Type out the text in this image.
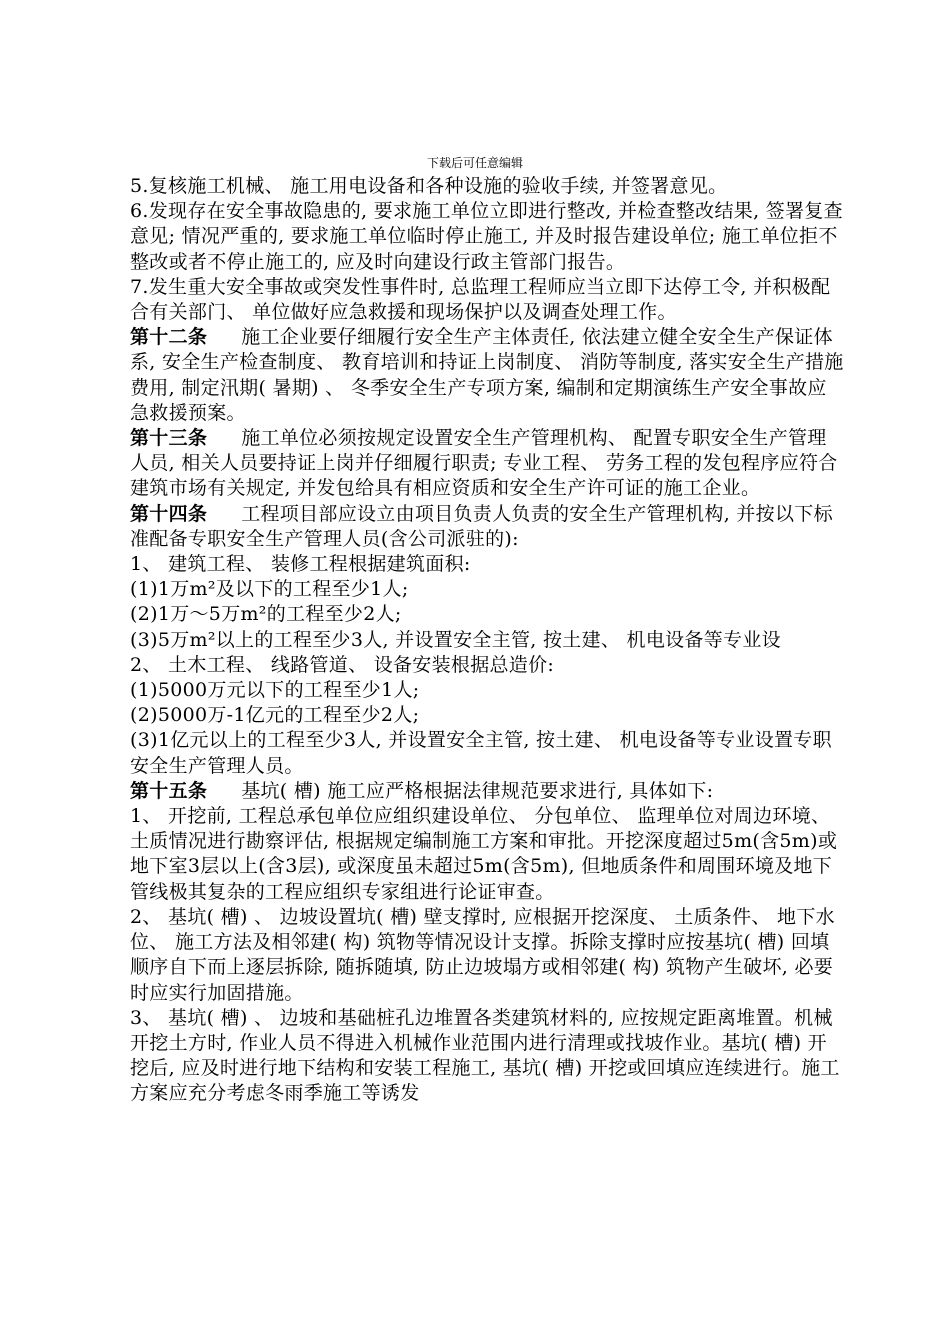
下载后可任意编辑

5.复核施工机械、 施工用电设备和各种设施的验收手续, 并签署意见。

6.发现存在安全事故隐患的, 要求施工单位立即进行整改, 并检查整改结果, 签署复查意见; 情况严重的, 要求施工单位临时停止施工, 并及时报告建设单位; 施工单位拒不整改或者不停止施工的, 应及时向建设行政主管部门报告。

7.发生重大安全事故或突发性事件时, 总监理工程师应当立即下达停工令, 并积极配合有关部门、 单位做好应急救援和现场保护以及调查处理工作。

第十二条 施工企业要仔细履行安全生产主体责任, 依法建立健全安全生产保证体系, 安全生产检查制度、 教育培训和持证上岗制度、 消防等制度, 落实安全生产措施费用, 制定汛期( 暑期) 、 冬季安全生产专项方案, 编制和定期演练生产安全事故应急救援预案。

第十三条 施工单位必须按规定设置安全生产管理机构、 配置专职安全生产管理人员, 相关人员要持证上岗并仔细履行职责; 专业工程、 劳务工程的发包程序应符合建筑市场有关规定, 并发包给具有相应资质和安全生产许可证的施工企业。

第十四条 工程项目部应设立由项目负责人负责的安全生产管理机构, 并按以下标准配备专职安全生产管理人员(含公司派驻的):

1、 建筑工程、 装修工程根据建筑面积:

(1)1万m²及以下的工程至少1人;

(2)1万～5万m²的工程至少2人;

(3)5万m²以上的工程至少3人, 并设置安全主管, 按土建、 机电设备等专业设

2、 土木工程、 线路管道、 设备安装根据总造价:

(1)5000万元以下的工程至少1人;

(2)5000万-1亿元的工程至少2人;

(3)1亿元以上的工程至少3人, 并设置安全主管, 按土建、 机电设备等专业设置专职安全生产管理人员。

第十五条 基坑( 槽) 施工应严格根据法律规范要求进行, 具体如下:

1、 开挖前, 工程总承包单位应组织建设单位、 分包单位、 监理单位对周边环境、 土质情况进行勘察评估, 根据规定编制施工方案和审批。开挖深度超过5m(含5m)或地下室3层以上(含3层), 或深度虽未超过5m(含5m), 但地质条件和周围环境及地下管线极其复杂的工程应组织专家组进行论证审查。

2、 基坑( 槽) 、 边坡设置坑( 槽) 壁支撑时, 应根据开挖深度、 土质条件、 地下水位、 施工方法及相邻建( 构) 筑物等情况设计支撑。拆除支撑时应按基坑( 槽) 回填顺序自下而上逐层拆除, 随拆随填, 防止边坡塌方或相邻建( 构) 筑物产生破坏, 必要时应实行加固措施。

3、 基坑( 槽) 、 边坡和基础桩孔边堆置各类建筑材料的, 应按规定距离堆置。机械开挖土方时, 作业人员不得进入机械作业范围内进行清理或找坡作业。基坑( 槽) 开挖后, 应及时进行地下结构和安装工程施工, 基坑( 槽) 开挖或回填应连续进行。施工方案应充分考虑冬雨季施工等诱发
